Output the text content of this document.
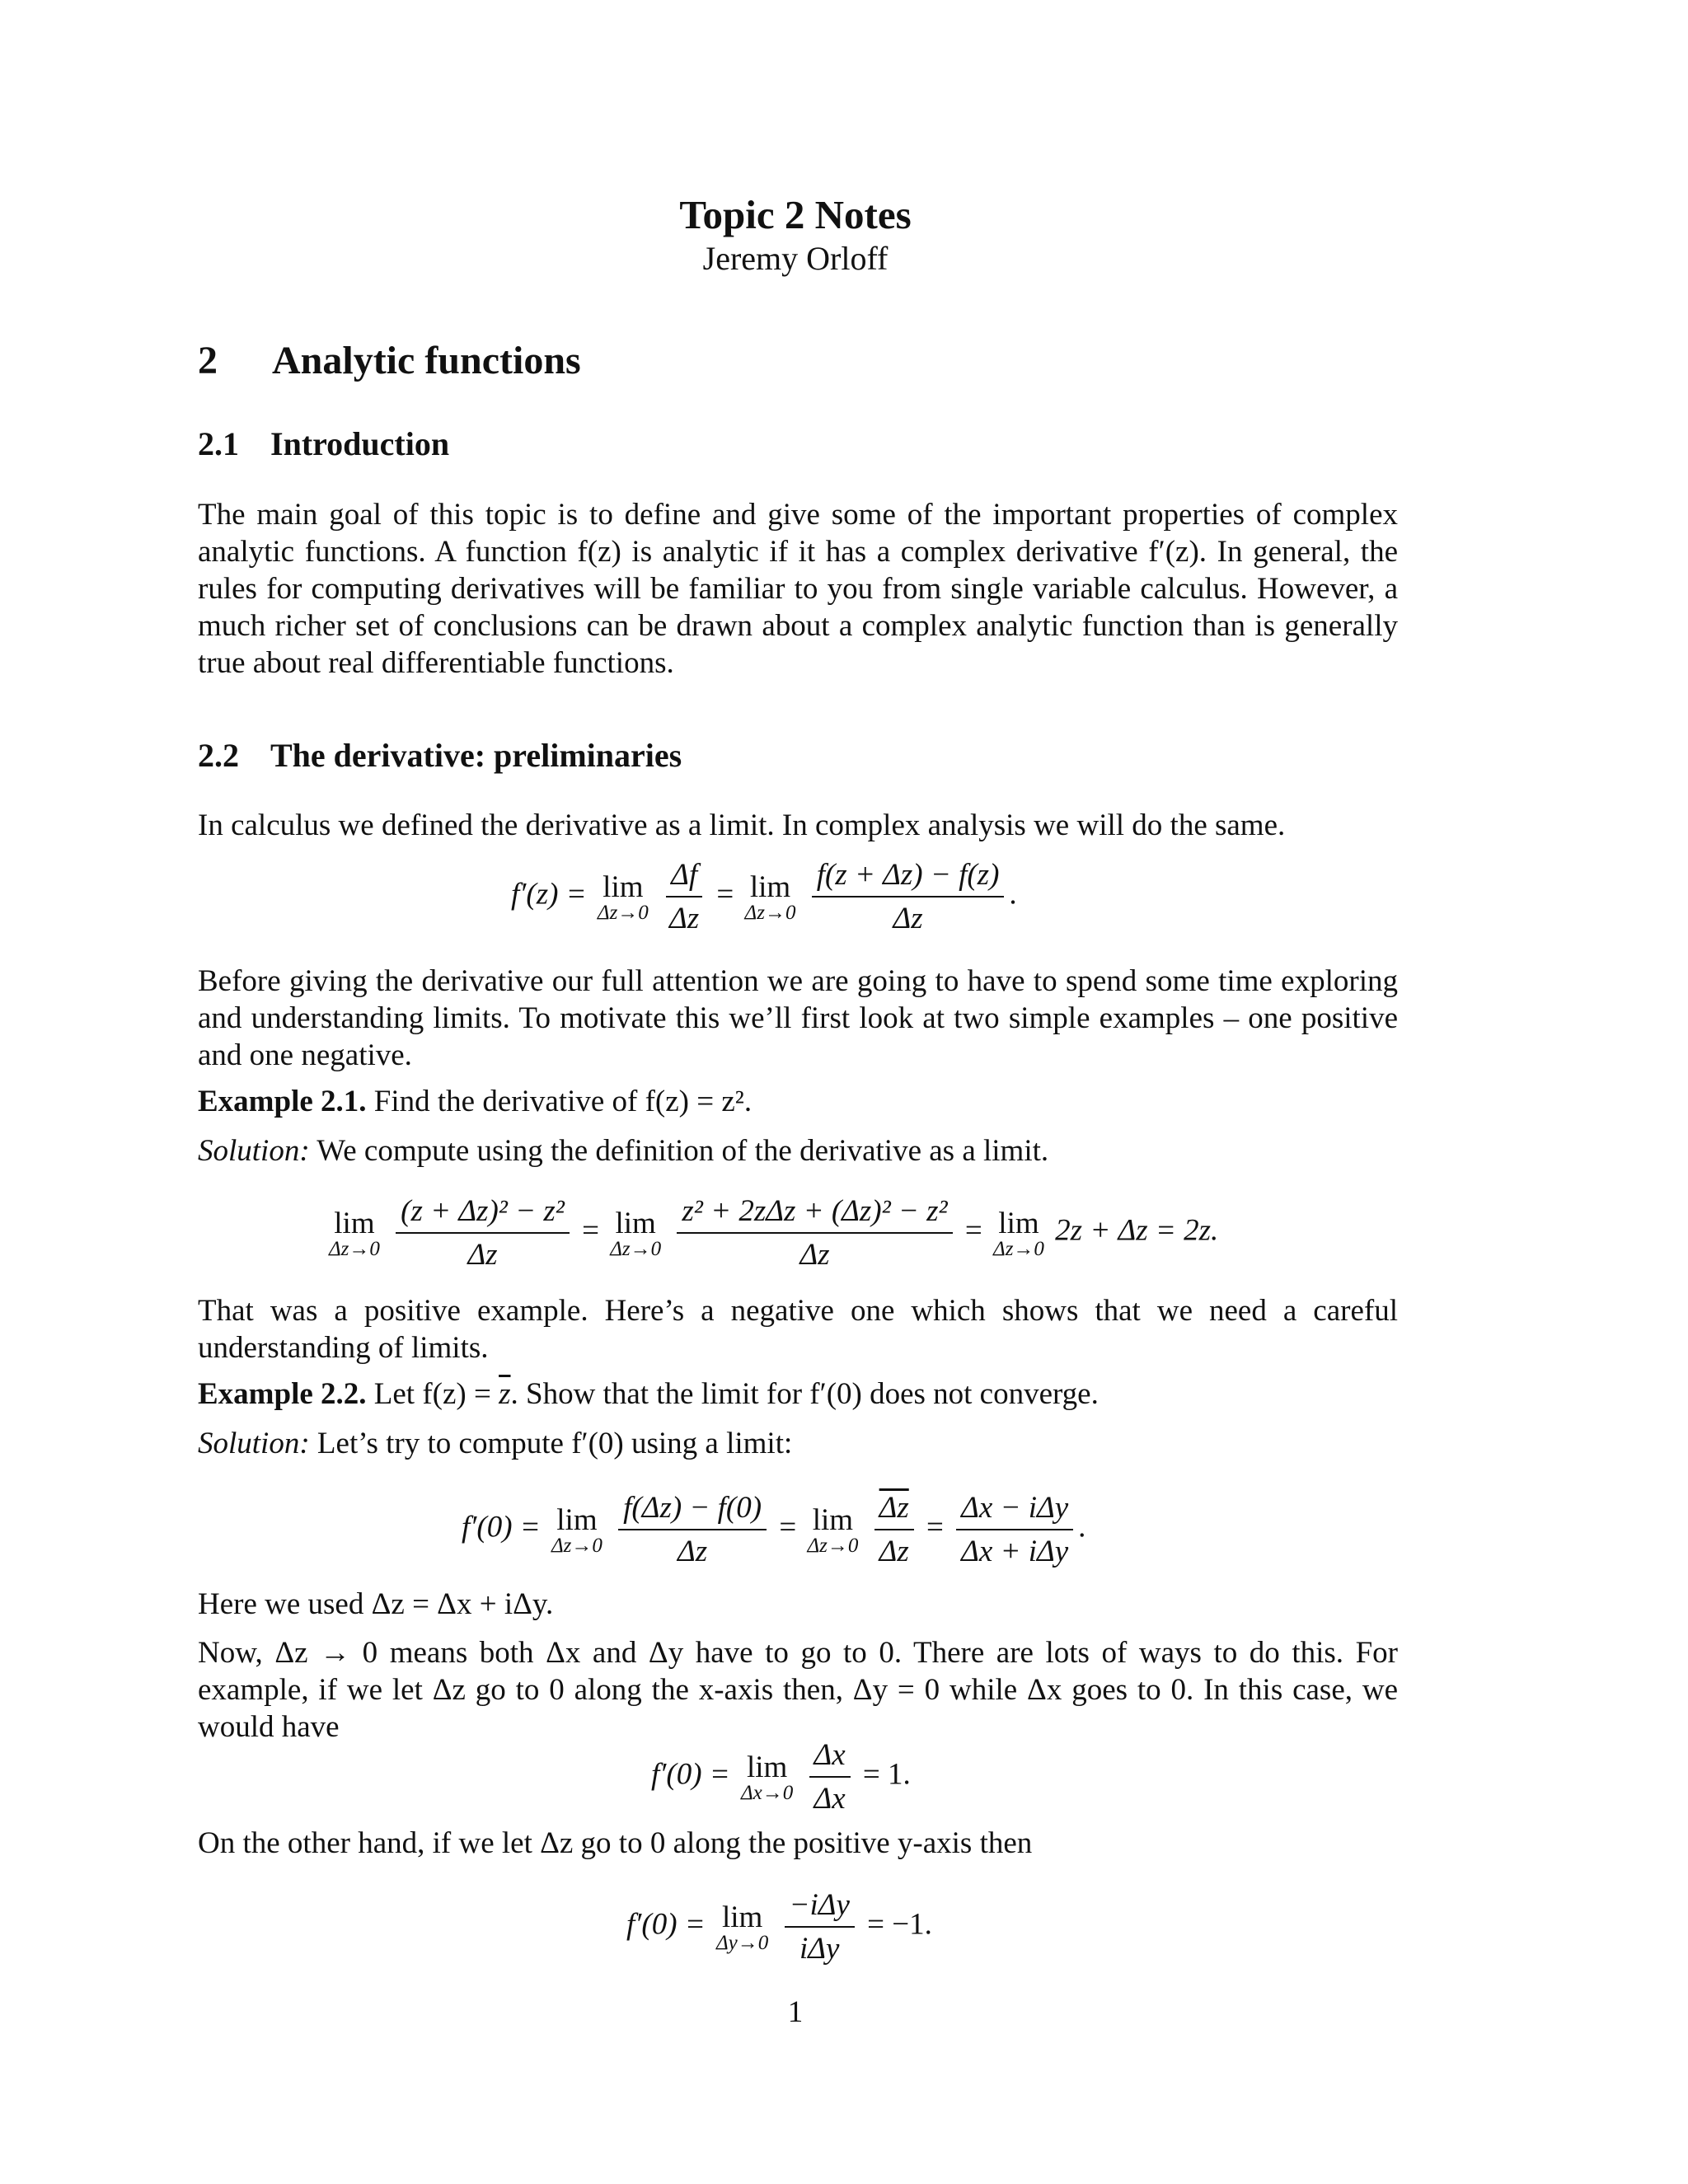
Topic 2 Notes
Jeremy Orloff
2 Analytic functions
2.1 Introduction
The main goal of this topic is to define and give some of the important properties of complex analytic functions. A function f(z) is analytic if it has a complex derivative f′(z). In general, the rules for computing derivatives will be familiar to you from single variable calculus. However, a much richer set of conclusions can be drawn about a complex analytic function than is generally true about real differentiable functions.
2.2 The derivative: preliminaries
In calculus we defined the derivative as a limit. In complex analysis we will do the same.
f′(z) = lim
Δz→0
$\frac{\Delta f}{\Delta z} = \lim$
Δz→0
$\frac{f(z + \Delta z) - f(z)}{\Delta z}$ .
Before giving the derivative our full attention we are going to have to spend some time exploring and understanding limits. To motivate this we’ll first look at two simple examples – one positive and one negative.
Example 2.1. Find the derivative of f(z) = z².
Solution: We compute using the definition of the derivative as a limit.
lim
Δz→0
$\frac{\text{(z + Δz)² − z²}}{\Delta z} = \lim$
Δz→0
$\frac{\text{z² + 2zΔz + (Δz)² − z²}}{\Delta z} = \lim$
Δz→0
2z + Δz = 2z.
That was a positive example. Here’s a negative one which shows that we need a careful understanding of limits.
Example 2.2. Let $f(z) = \overline{z}$. Show that the limit for f′(0) does not converge.
Solution: Let’s try to compute f′(0) using a limit:
f′(0) = lim
Δz→0
$\frac{f(\Delta z) - f(0)}{\Delta z} = \lim$
Δz→0
$\frac{\overline{\Delta z}}{\Delta z} = \frac{\text{Δx − iΔy}}{\text{Δx + iΔy}}$ .
Here we used Δz = Δx + iΔy.
Now, Δz → 0 means both Δx and Δy have to go to 0. There are lots of ways to do this. For example, if we let Δz go to 0 along the x-axis then, Δy = 0 while Δx goes to 0. In this case, we would have
f′(0) = lim
Δx→0
$\frac{\Delta x}{\Delta x} = 1$.
On the other hand, if we let Δz go to 0 along the positive y-axis then
f′(0) = lim
Δy→0
$\frac{\text{−iΔy}}{\text{iΔy}} = -1$.
1
